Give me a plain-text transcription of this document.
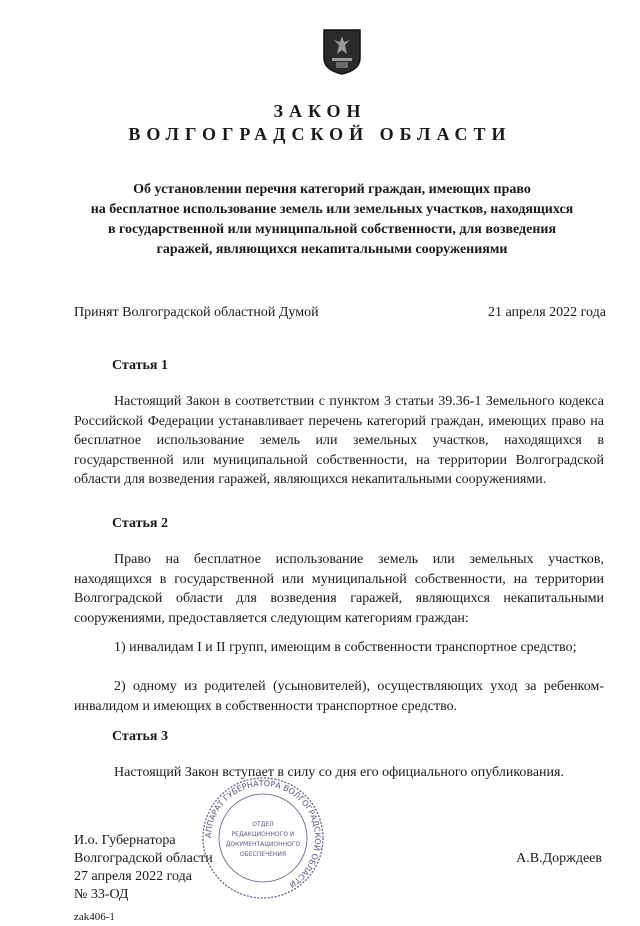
ЗАКОН
ВОЛГОГРАДСКОЙ ОБЛАСТИ
Об установлении перечня категорий граждан, имеющих право
на бесплатное использование земель или земельных участков, находящихся
в государственной или муниципальной собственности, для возведения
гаражей, являющихся некапитальными сооружениями
Принят Волгоградской областной Думой	21 апреля 2022 года
Статья 1
Настоящий Закон в соответствии с пунктом 3 статьи 39.36-1 Земельного кодекса Российской Федерации устанавливает перечень категорий граждан, имеющих право на бесплатное использование земель или земельных участков, находящихся в государственной или муниципальной собственности, на территории Волгоградской области для возведения гаражей, являющихся некапитальными сооружениями.
Статья 2
Право на бесплатное использование земель или земельных участков, находящихся в государственной или муниципальной собственности, на территории Волгоградской области для возведения гаражей, являющихся некапитальными сооружениями, предоставляется следующим категориям граждан:
1) инвалидам I и II групп, имеющим в собственности транспортное средство;
2) одному из родителей (усыновителей), осуществляющих уход за ребенком-инвалидом и имеющих в собственности транспортное средство.
Статья 3
Настоящий Закон вступает в силу со дня его официального опубликования.
И.о. Губернатора
Волгоградской области
27 апреля 2022 года
№ 33-ОД
zak406-1
А.В.Дорждеев
АППАРАТ ГУБЕРНАТОРА ВОЛГОГРАДСКОЙ ОБЛАСТИ
ОТДЕЛ
РЕДАКЦИОННОГО И
ДОКУМЕНТАЦИОННОГО
ОБЕСПЕЧЕНИЯ
